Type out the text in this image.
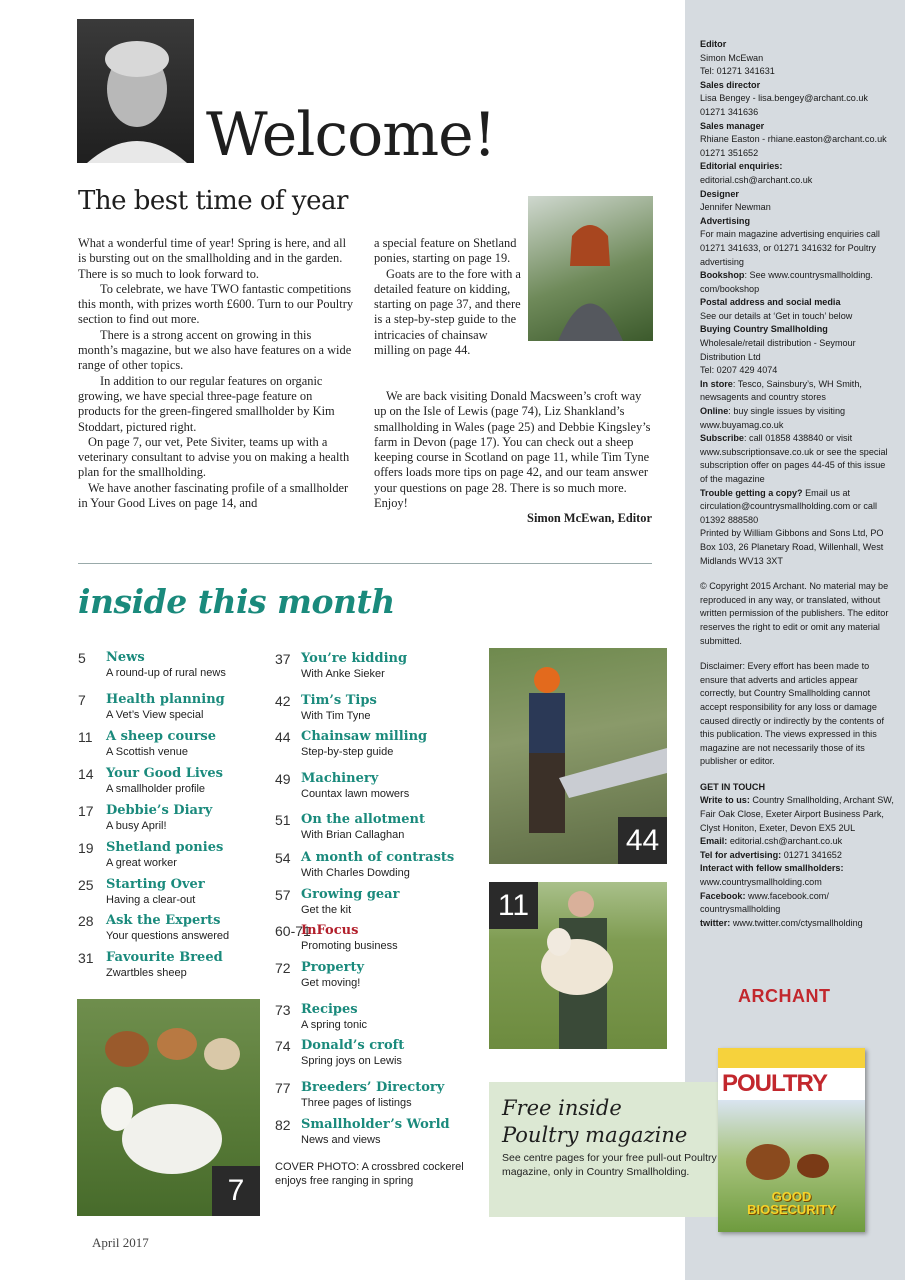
Welcome!
The best time of year

What a wonderful time of year! Spring is here, and all is bursting out on the smallholding and in the garden. There is so much to look forward to.

To celebrate, we have TWO fantastic competitions this month, with prizes worth £600. Turn to our Poultry section to find out more.

There is a strong accent on growing in this month’s magazine, but we also have features on a wide range of other topics.

In addition to our regular features on organic growing, we have special three-page feature on products for the green-fingered smallholder by Kim Stoddart, pictured right.

On page 7, our vet, Pete Siviter, teams up with a veterinary consultant to advise you on making a health plan for the smallholding.

We have another fascinating profile of a smallholder in Your Good Lives on page 14, and

a special feature on Shetland ponies, starting on page 19.

Goats are to the fore with a detailed feature on kidding, starting on page 37, and there is a step-by-step guide to the intricacies of chainsaw milling on page 44.

We are back visiting Donald Macsween’s croft way up on the Isle of Lewis (page 74), Liz Shankland’s smallholding in Wales (page 25) and Debbie Kingsley’s farm in Devon (page 17). You can check out a sheep keeping course in Scotland on page 11, while Tim Tyne offers loads more tips on page 42, and our team answer your questions on page 28. There is so much more. Enjoy!

Simon McEwan, Editor

inside this month
5 News
A round-up of rural news
7 Health planning
A Vet’s View special
11 A sheep course
A Scottish venue
14 Your Good Lives
A smallholder profile
17 Debbie’s Diary
A busy April!
19 Shetland ponies
A great worker
25 Starting Over
Having a clear-out
28 Ask the Experts
Your questions answered
31 Favourite Breed
Zwartbles sheep
37 You’re kidding
With Anke Sieker
42 Tim’s Tips
With Tim Tyne
44 Chainsaw milling
Step-by-step guide
49 Machinery
Countax lawn mowers
51 On the allotment
With Brian Callaghan
54 A month of contrasts
With Charles Dowding
57 Growing gear
Get the kit
60-71
InFocus
Promoting business
72 Property
Get moving!
73 Recipes
A spring tonic
74 Donald’s croft
Spring joys on Lewis
77 Breeders’ Directory
Three pages of listings
82 Smallholder’s World
News and views
7
44
11
Free inside
Poultry magazine
See centre pages for your free pull-out Poultry magazine, only in Country Smallholding.
POULTRY
GOOD BIOSECURITY
COVER PHOTO: A crossbred cockerel enjoys free ranging in spring
April 2017

Editor

Simon McEwan

Tel: 01271 341631

Sales director

Lisa Bengey - lisa.bengey@archant.co.uk

01271 341636

Sales manager

Rhiane Easton - rhiane.easton@archant.co.uk

01271 351652

Editorial enquiries:

editorial.csh@archant.co.uk

Designer

Jennifer Newman

Advertising

For main magazine advertising enquiries call 01271 341633, or 01271 341632 for Poultry advertising

Bookshop: See www.countrysmallholding. com/bookshop

Postal address and social media

See our details at ‘Get in touch’ below

Buying Country Smallholding

Wholesale/retail distribution - Seymour Distribution Ltd

Tel: 0207 429 4074

In store: Tesco, Sainsbury’s, WH Smith, newsagents and country stores

Online: buy single issues by visiting www.buyamag.co.uk

Subscribe: call 01858 438840 or visit www.subscriptionsave.co.uk or see the special subscription offer on pages 44-45 of this issue of the magazine

Trouble getting a copy? Email us at circulation@countrysmallholding.com or call 01392 888580

Printed by William Gibbons and Sons Ltd, PO Box 103, 26 Planetary Road, Willenhall, West Midlands WV13 3XT

© Copyright 2015 Archant. No material may be reproduced in any way, or translated, without written permission of the publishers. The editor reserves the right to edit or omit any material submitted.

Disclaimer: Every effort has been made to ensure that adverts and articles appear correctly, but Country Smallholding cannot accept responsibility for any loss or damage caused directly or indirectly by the contents of this publication. The views expressed in this magazine are not necessarily those of its publisher or editor.

GET IN TOUCH

Write to us: Country Smallholding, Archant SW, Fair Oak Close, Exeter Airport Business Park, Clyst Honiton, Exeter, Devon EX5 2UL

Email: editorial.csh@archant.co.uk

Tel for advertising: 01271 341652

Interact with fellow smallholders:

www.countrysmallholding.com

Facebook: www.facebook.com/ countrysmallholding

twitter: www.twitter.com/ctysmallholding

ARCHANT
